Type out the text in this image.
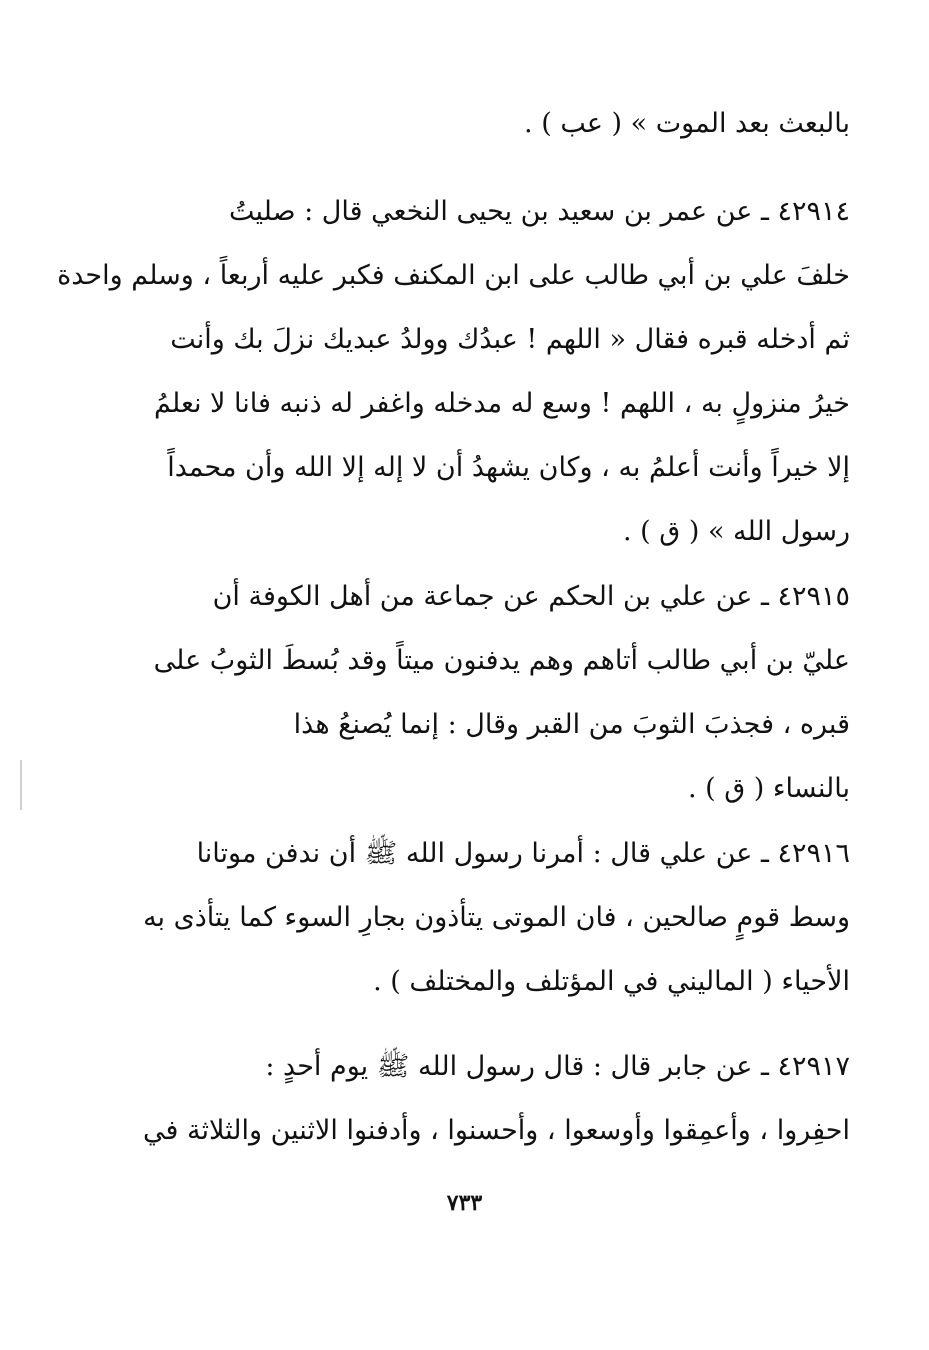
بالبعث بعد الموت » ( عب ) .
٤٢٩١٤ ـ عن عمر بن سعيد بن يحيى النخعي قال : صليتُ
خلفَ علي بن أبي طالب على ابن المكنف فكبر عليه أربعاً ، وسلم واحدة
ثم أدخله قبره فقال « اللهم ! عبدُك وولدُ عبديك نزلَ بك وأنت
خيرُ منزولٍ به ، اللهم ! وسع له مدخله واغفر له ذنبه فانا لا نعلمُ
إلا خيراً وأنت أعلمُ به ، وكان يشهدُ أن لا إله إلا الله وأن محمداً
رسول الله » ( ق ) .
٤٢٩١٥ ـ عن علي بن الحكم عن جماعة من أهل الكوفة أن
عليّ بن أبي طالب أتاهم وهم يدفنون ميتاً وقد بُسطَ الثوبُ على
قبره ، فجذبَ الثوبَ من القبر وقال : إنما يُصنعُ هذا
بالنساء ( ق ) .
٤٢٩١٦ ـ عن علي قال : أمرنا رسول الله ﷺ أن ندفن موتانا
وسط قومٍ صالحين ، فان الموتى يتأذون بجارِ السوء كما يتأذى به
الأحياء ( الماليني في المؤتلف والمختلف ) .
٤٢٩١٧ ـ عن جابر قال : قال رسول الله ﷺ يوم أحدٍ :
احفِروا ، وأعمِقوا وأوسعوا ، وأحسنوا ، وأدفنوا الاثنين والثلاثة في
٧٣٣
